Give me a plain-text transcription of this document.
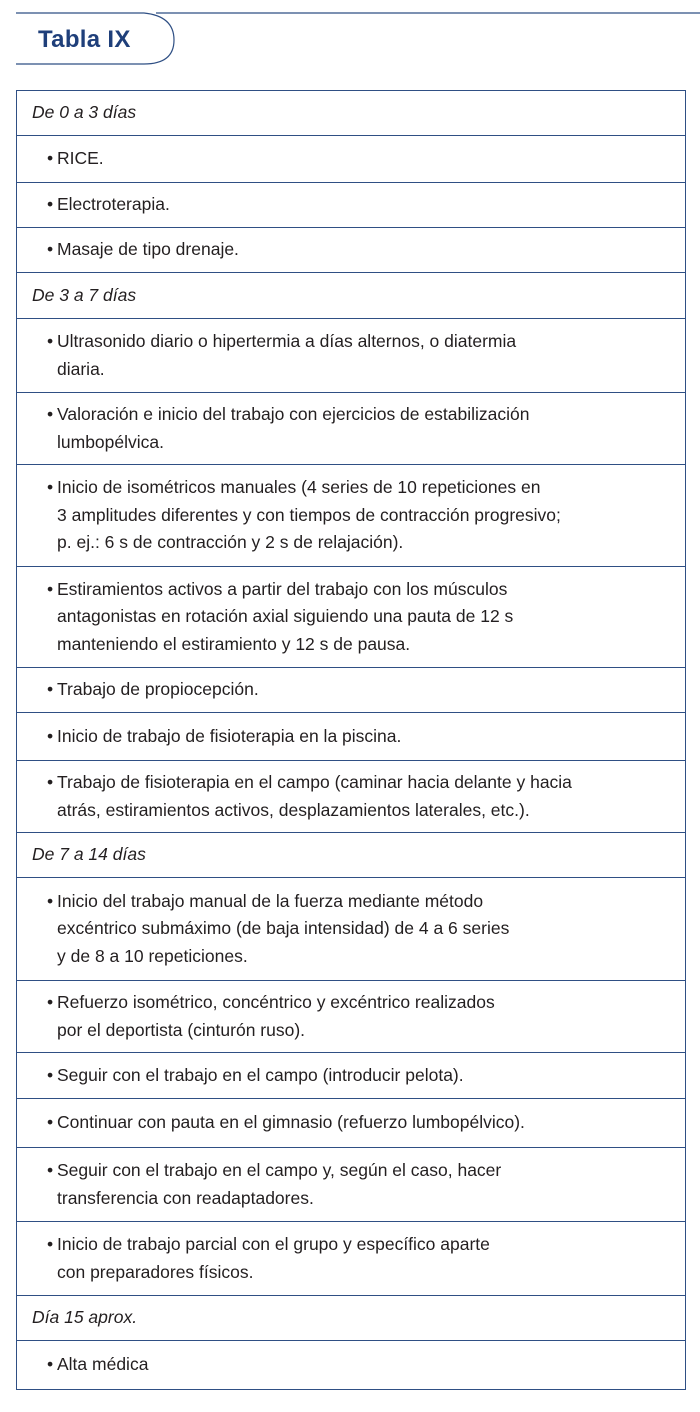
Tabla IX
De 0 a 3 días
• RICE.
• Electroterapia.
• Masaje de tipo drenaje.
De 3 a 7 días
• Ultrasonido diario o hipertermia a días alternos, o diatermia
diaria.
• Valoración e inicio del trabajo con ejercicios de estabilización
lumbopélvica.
• Inicio de isométricos manuales (4 series de 10 repeticiones en
3 amplitudes diferentes y con tiempos de contracción progresivo;
p. ej.: 6 s de contracción y 2 s de relajación).
• Estiramientos activos a partir del trabajo con los músculos
antagonistas en rotación axial siguiendo una pauta de 12 s
manteniendo el estiramiento y 12 s de pausa.
• Trabajo de propiocepción.
• Inicio de trabajo de fisioterapia en la piscina.
• Trabajo de fisioterapia en el campo (caminar hacia delante y hacia
atrás, estiramientos activos, desplazamientos laterales, etc.).
De 7 a 14 días
• Inicio del trabajo manual de la fuerza mediante método
excéntrico submáximo (de baja intensidad) de 4 a 6 series
y de 8 a 10 repeticiones.
• Refuerzo isométrico, concéntrico y excéntrico realizados
por el deportista (cinturón ruso).
• Seguir con el trabajo en el campo (introducir pelota).
• Continuar con pauta en el gimnasio (refuerzo lumbopélvico).
• Seguir con el trabajo en el campo y, según el caso, hacer
transferencia con readaptadores.
• Inicio de trabajo parcial con el grupo y específico aparte
con preparadores físicos.
Día 15 aprox.
• Alta médica
